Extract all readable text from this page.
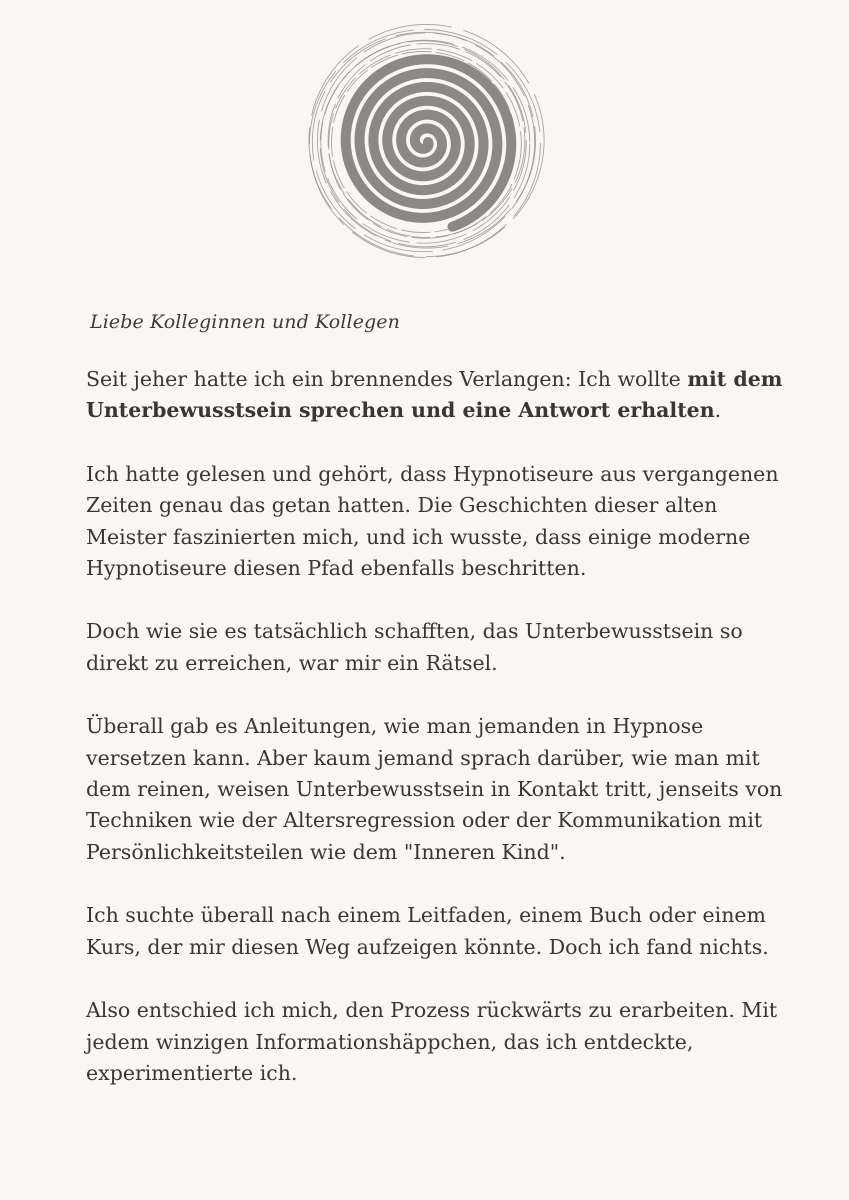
Liebe Kolleginnen und Kollegen

Seit jeher hatte ich ein brennendes Verlangen: Ich wollte mit dem Unterbewusstsein sprechen und eine Antwort erhalten.

Ich hatte gelesen und gehört, dass Hypnotiseure aus vergangenen Zeiten genau das getan hatten. Die Geschichten dieser alten Meister faszinierten mich, und ich wusste, dass einige moderne Hypnotiseure diesen Pfad ebenfalls beschritten.

Doch wie sie es tatsächlich schafften, das Unterbewusstsein so direkt zu erreichen, war mir ein Rätsel.

Überall gab es Anleitungen, wie man jemanden in Hypnose versetzen kann. Aber kaum jemand sprach darüber, wie man mit dem reinen, weisen Unterbewusstsein in Kontakt tritt, jenseits von Techniken wie der Altersregression oder der Kommunikation mit Persönlichkeitsteilen wie dem "Inneren Kind".

Ich suchte überall nach einem Leitfaden, einem Buch oder einem Kurs, der mir diesen Weg aufzeigen könnte. Doch ich fand nichts.

Also entschied ich mich, den Prozess rückwärts zu erarbeiten. Mit jedem winzigen Informationshäppchen, das ich entdeckte, experimentierte ich.
